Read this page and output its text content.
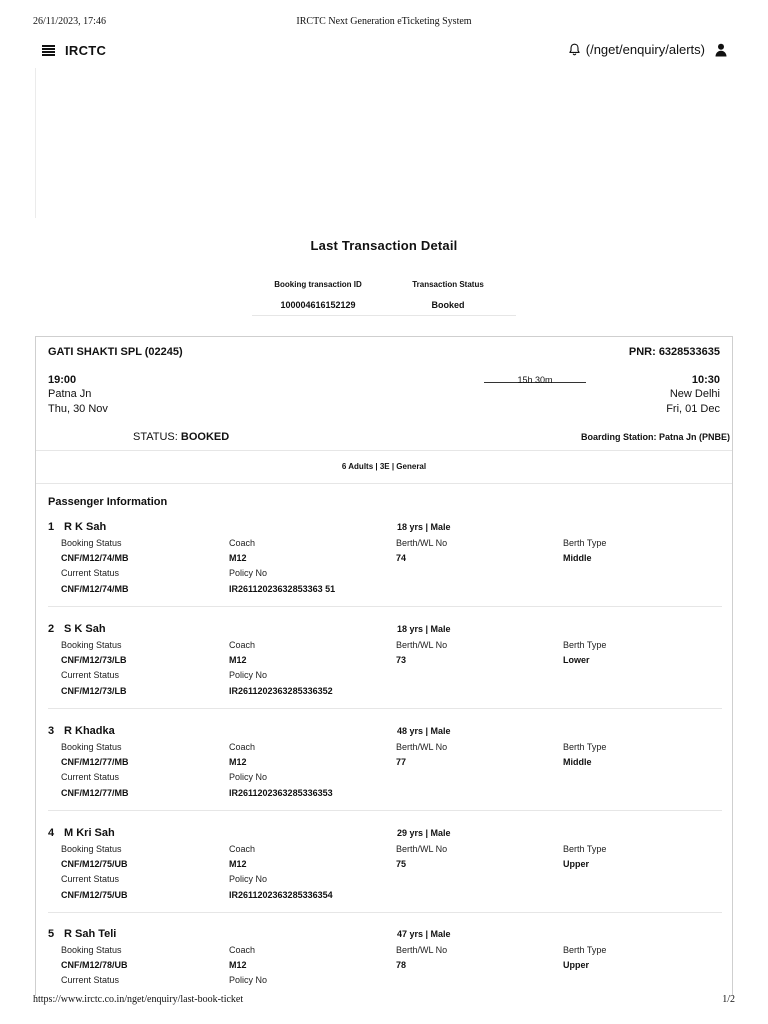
26/11/2023, 17:46	IRCTC Next Generation eTicketing System
IRCTC	(/nget/enquiry/alerts)
Last Transaction Detail
Booking transaction ID
100004616152129
Transaction Status
Booked
GATI SHAKTI SPL (02245)	PNR: 6328533635
19:00
Patna Jn
Thu, 30 Nov
15h 30m	10:30
New Delhi
Fri, 01 Dec
STATUS: BOOKED	Boarding Station: Patna Jn (PNBE)
6 Adults | 3E | General
Passenger Information
1 R K Sah	18 yrs | Male
Booking Status	Coach	Berth/WL No	Berth Type
CNF/M12/74/MB	M12	74	Middle
Current Status	Policy No
CNF/M12/74/MB	IR26112023632853363 51
2 S K Sah	18 yrs | Male
Booking Status	Coach	Berth/WL No	Berth Type
CNF/M12/73/LB	M12	73	Lower
Current Status	Policy No
CNF/M12/73/LB	IR2611202363285336352
3 R Khadka	48 yrs | Male
Booking Status	Coach	Berth/WL No	Berth Type
CNF/M12/77/MB	M12	77	Middle
Current Status	Policy No
CNF/M12/77/MB	IR2611202363285336353
4 M Kri Sah	29 yrs | Male
Booking Status	Coach	Berth/WL No	Berth Type
CNF/M12/75/UB	M12	75	Upper
Current Status	Policy No
CNF/M12/75/UB	IR2611202363285336354
5 R Sah Teli	47 yrs | Male
Booking Status	Coach	Berth/WL No	Berth Type
CNF/M12/78/UB	M12	78	Upper
Current Status	Policy No
https://www.irctc.co.in/nget/enquiry/last-book-ticket	1/2
